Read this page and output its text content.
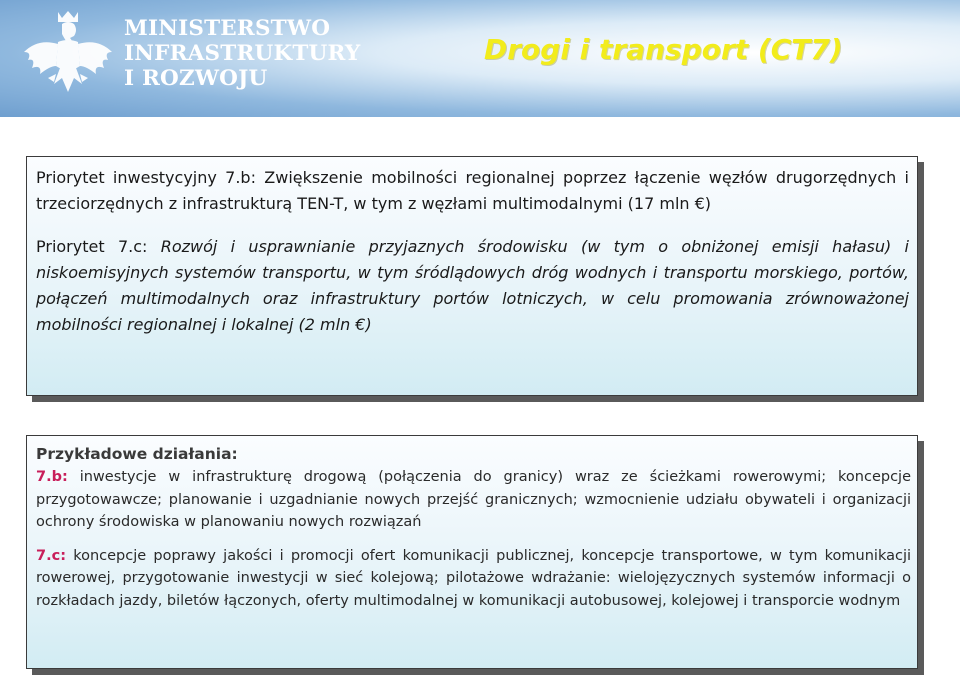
MINISTERSTWO
INFRASTRUKTURY
I ROZWOJU
Drogi i transport (CT7)

Priorytet inwestycyjny 7.b: Zwiększenie mobilności regionalnej poprzez łączenie węzłów drugorzędnych i trzeciorzędnych z infrastrukturą TEN-T, w tym z węzłami multimodalnymi (17 mln €)

Priorytet 7.c: Rozwój i usprawnianie przyjaznych środowisku (w tym o obniżonej emisji hałasu) i niskoemisyjnych systemów transportu, w tym śródlądowych dróg wodnych i transportu morskiego, portów, połączeń multimodalnych oraz infrastruktury portów lotniczych, w celu promowania zrównoważonej mobilności regionalnej i lokalnej (2 mln €)

Przykładowe działania:

7.b: inwestycje w infrastrukturę drogową (połączenia do granicy) wraz ze ścieżkami rowerowymi; koncepcje przygotowawcze; planowanie i uzgadnianie nowych przejść granicznych; wzmocnienie udziału obywateli i organizacji ochrony środowiska w planowaniu nowych rozwiązań

7.c: koncepcje poprawy jakości i promocji ofert komunikacji publicznej, koncepcje transportowe, w tym komunikacji rowerowej, przygotowanie inwestycji w sieć kolejową; pilotażowe wdrażanie: wielojęzycznych systemów informacji o rozkładach jazdy, biletów łączonych, oferty multimodalnej w komunikacji autobusowej, kolejowej i transporcie wodnym
